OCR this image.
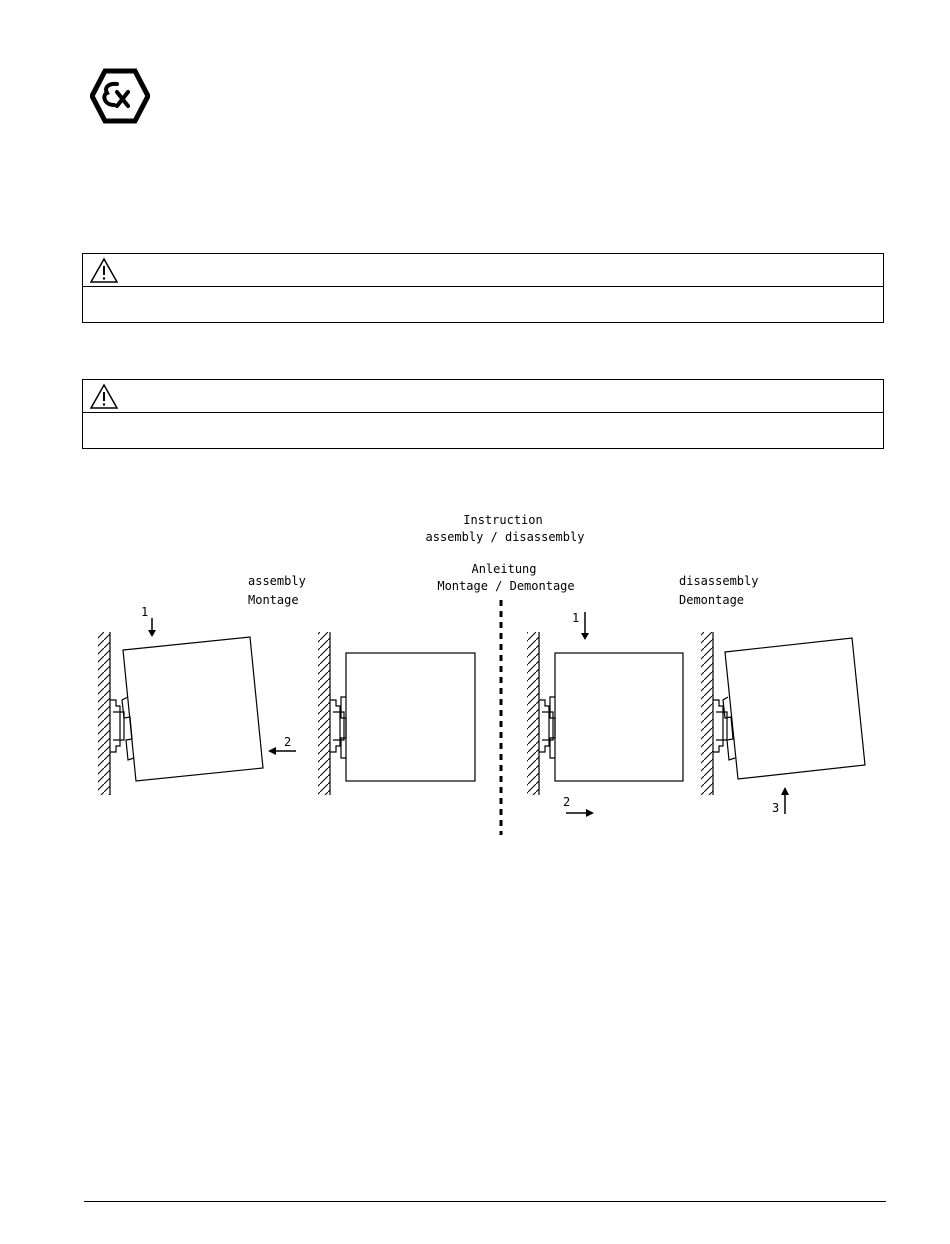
Instruction
assembly / disassembly
Anleitung
Montage / Demontage
assembly
Montage
disassembly
Demontage
1
2
1
2	3
